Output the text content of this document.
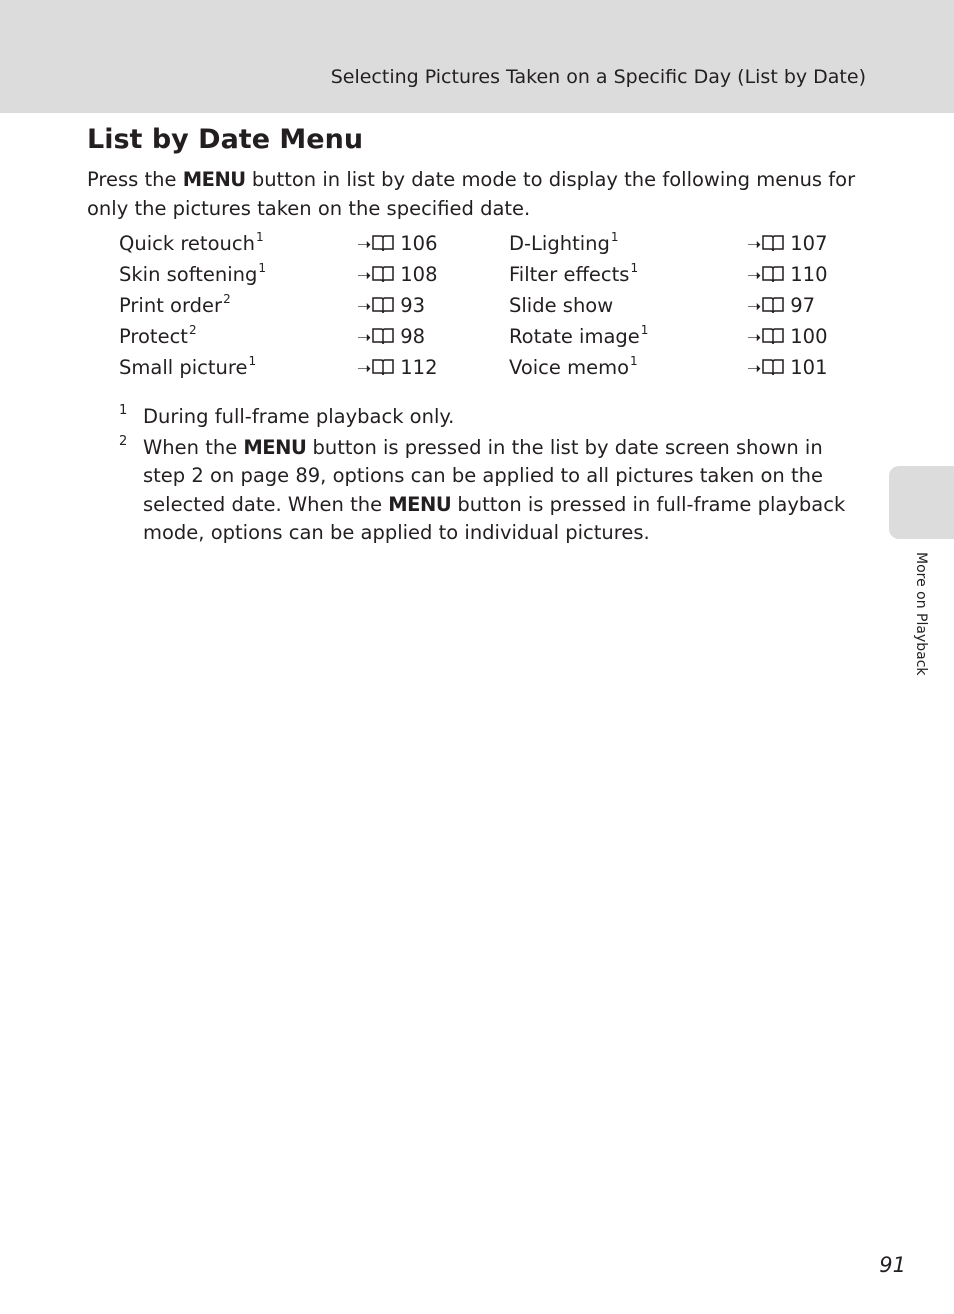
Selecting Pictures Taken on a Specific Day (List by Date)
List by Date Menu

Press the MENU button in list by date mode to display the following menus for only the pictures taken on the specified date.

Quick retouch$^1$	➝ 106	D-Lighting$^1$	➝ 107
Skin softening$^1$	➝ 108	Filter effects$^1$	➝ 110
Print order$^2$	➝ 93	Slide show	➝ 97
Protect$^2$	➝ 98	Rotate image$^1$	➝ 100
Small picture$^1$	➝ 112	Voice memo$^1$	➝ 101
1 During full-frame playback only.
2 When the MENU button is pressed in the list by date screen shown in step 2 on page 89, options can be applied to all pictures taken on the selected date. When the MENU button is pressed in full-frame playback mode, options can be applied to individual pictures.
More on Playback
91
